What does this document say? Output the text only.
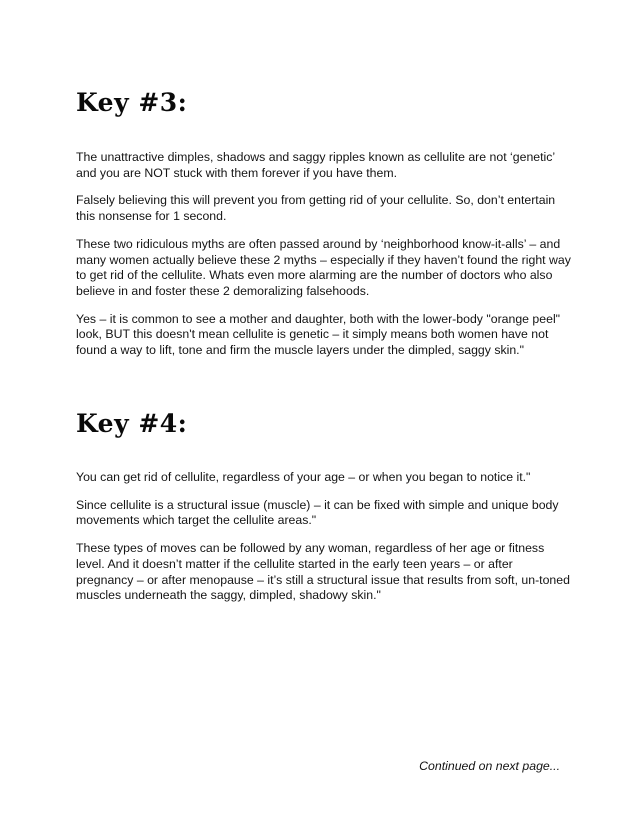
Key #3:

The unattractive dimples, shadows and saggy ripples known as cellulite are not ‘genetic’ and you are NOT stuck with them forever if you have them.

Falsely believing this will prevent you from getting rid of your cellulite. So, don’t entertain this nonsense for 1 second.

These two ridiculous myths are often passed around by ‘neighborhood know-it-alls’ – and many women actually believe these 2 myths – especially if they haven’t found the right way to get rid of the cellulite. Whats even more alarming are the number of doctors who also believe in and foster these 2 demoralizing falsehoods.

Yes – it is common to see a mother and daughter, both with the lower-body "orange peel" look, BUT this doesn't mean cellulite is genetic – it simply means both women have not found a way to lift, tone and firm the muscle layers under the dimpled, saggy skin."

Key #4:

You can get rid of cellulite, regardless of your age – or when you began to notice it."

Since cellulite is a structural issue (muscle) – it can be fixed with simple and unique body movements which target the cellulite areas."

These types of moves can be followed by any woman, regardless of her age or fitness level. And it doesn’t matter if the cellulite started in the early teen years – or after pregnancy – or after menopause – it’s still a structural issue that results from soft, un-toned muscles underneath the saggy, dimpled, shadowy skin."

Continued on next page...
